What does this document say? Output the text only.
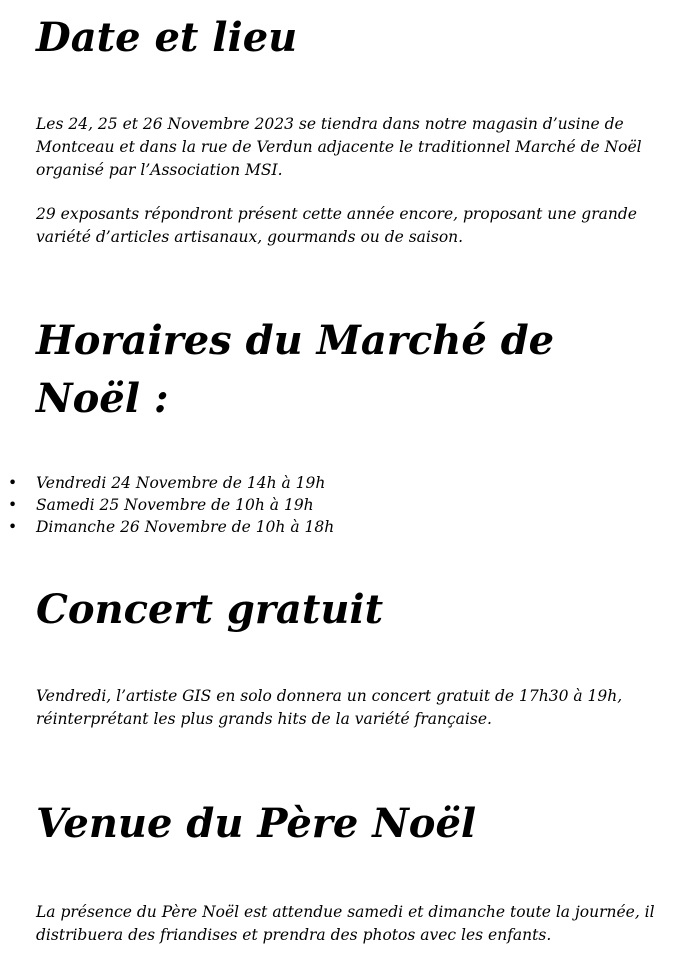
Date et lieu

Les 24, 25 et 26 Novembre 2023 se tiendra dans notre magasin d’usine de Montceau et dans la rue de Verdun adjacente le traditionnel Marché de Noël organisé par l’Association MSI.

29 exposants répondront présent cette année encore, proposant une grande variété d’articles artisanaux, gourmands ou de saison.

Horaires du Marché de Noël :
• Vendredi 24 Novembre de 14h à 19h
• Samedi 25 Novembre de 10h à 19h
• Dimanche 26 Novembre de 10h à 18h
Concert gratuit

Vendredi, l’artiste GIS en solo donnera un concert gratuit de 17h30 à 19h, réinterprétant les plus grands hits de la variété française.

Venue du Père Noël

La présence du Père Noël est attendue samedi et dimanche toute la journée, il distribuera des friandises et prendra des photos avec les enfants.
